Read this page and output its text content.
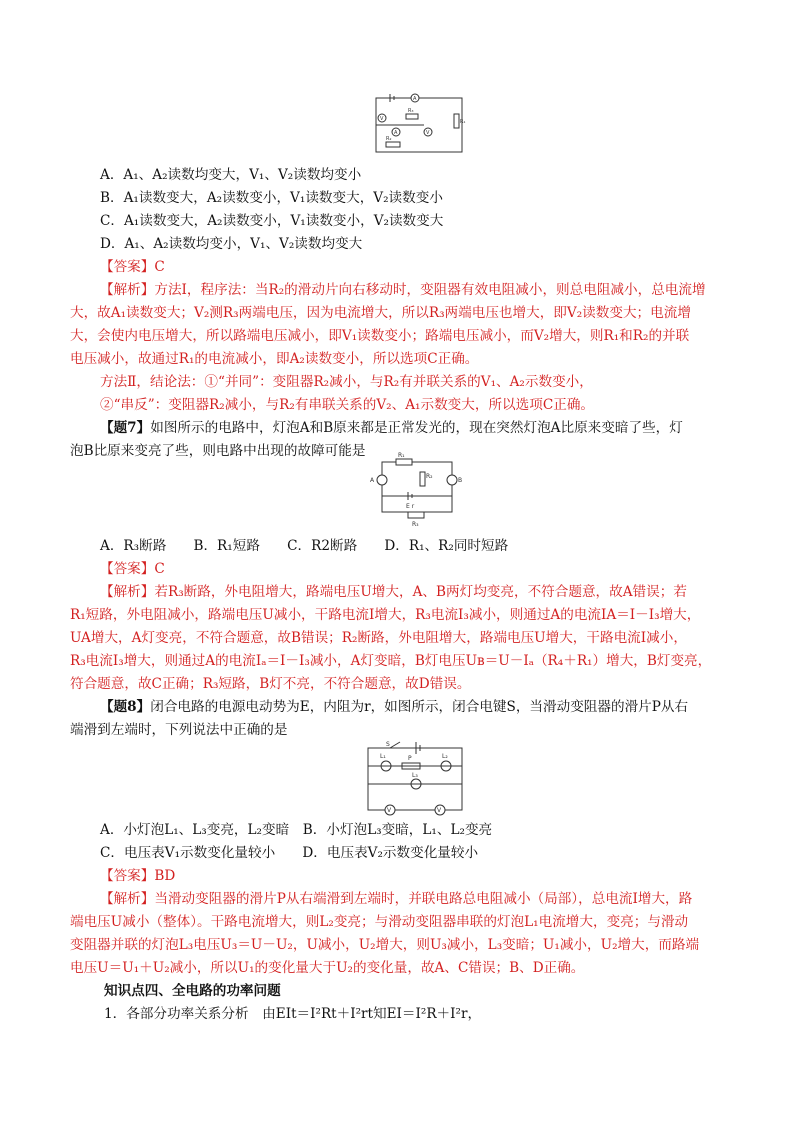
A
A
V
V
R₁
R₂
R₃
A．A₁、A₂读数均变大，V₁、V₂读数均变小
B．A₁读数变大，A₂读数变小，V₁读数变大，V₂读数变小
C．A₁读数变大，A₂读数变小，V₁读数变小，V₂读数变大
D．A₁、A₂读数均变小，V₁、V₂读数均变大
【答案】C
【解析】方法Ⅰ，程序法：当R₂的滑动片向右移动时，变阻器有效电阻减小，则总电阻减小，总电流增
大，故A₁读数变大；V₂测R₃两端电压，因为电流增大，所以R₃两端电压也增大，即V₂读数变大；电流增
大，会使内电压增大，所以路端电压减小，即V₁读数变小；路端电压减小，而V₂增大，则R₁和R₂的并联
电压减小，故通过R₁的电流减小，即A₂读数变小，所以选项C正确。
方法Ⅱ，结论法：①“并同”：变阻器R₂减小，与R₂有并联关系的V₁、A₂示数变小，
②“串反”：变阻器R₂减小，与R₂有串联关系的V₂、A₁示数变大，所以选项C正确。
【题7】如图所示的电路中，灯泡A和B原来都是正常发光的，现在突然灯泡A比原来变暗了些，灯
泡B比原来变亮了些，则电路中出现的故障可能是
A	B
R₁
R₂
R₃
E r
A．R₃断路　　B．R₁短路　　C．R2断路　　D．R₁、R₂同时短路
【答案】C
【解析】若R₃断路，外电阻增大，路端电压U增大，A、B两灯均变亮，不符合题意，故A错误；若
R₁短路，外电阻减小，路端电压U减小，干路电流I增大，R₃电流I₃减小，则通过A的电流IA＝I－I₃增大，
UA增大，A灯变亮，不符合题意，故B错误；R₂断路，外电阻增大，路端电压U增大，干路电流I减小，
R₃电流I₃增大，则通过A的电流Iₐ＝I－I₃减小，A灯变暗，B灯电压Uʙ＝U－Iₐ（R₄＋R₁）增大，B灯变亮，
符合题意，故C正确；R₃短路，B灯不亮，不符合题意，故D错误。
【题8】闭合电路的电源电动势为E，内阻为r，如图所示，闭合电键S，当滑动变阻器的滑片P从右
端滑到左端时，下列说法中正确的是
S
P
L₁	L₂
L₃
V	V
A．小灯泡L₁、L₃变亮，L₂变暗　B．小灯泡L₃变暗，L₁、L₂变亮
C．电压表V₁示数变化量较小　　D．电压表V₂示数变化量较小
【答案】BD
【解析】当滑动变阻器的滑片P从右端滑到左端时，并联电路总电阻减小（局部），总电流I增大，路
端电压U减小（整体）。干路电流增大，则L₂变亮；与滑动变阻器串联的灯泡L₁电流增大，变亮；与滑动
变阻器并联的灯泡L₃电压U₃＝U－U₂，U减小，U₂增大，则U₃减小，L₃变暗；U₁减小，U₂增大，而路端
电压U＝U₁＋U₂减小，所以U₁的变化量大于U₂的变化量，故A、C错误；B、D正确。
知识点四、全电路的功率问题
1．各部分功率关系分析　由EIt＝I²Rt＋I²rt知EI＝I²R＋I²r，
